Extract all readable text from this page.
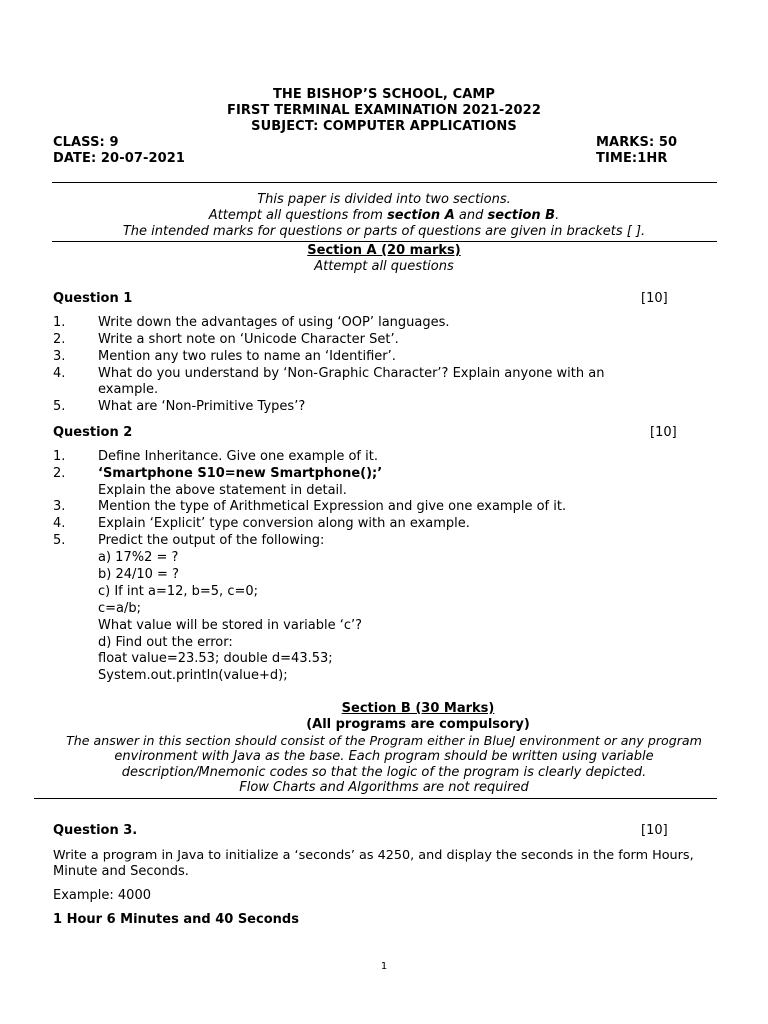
THE BISHOP’S SCHOOL, CAMP
FIRST TERMINAL EXAMINATION 2021-2022
SUBJECT: COMPUTER APPLICATIONS
CLASS: 9	MARKS: 50
DATE: 20-07-2021	TIME:1HR
This paper is divided into two sections.
Attempt all questions from section A and section B.
The intended marks for questions or parts of questions are given in brackets [ ].
Section A (20 marks)
Attempt all questions
Question 1	[10]
1.	Write down the advantages of using ‘OOP’ languages.
2.	Write a short note on ‘Unicode Character Set’.
3.	Mention any two rules to name an ‘Identifier’.
4.	What do you understand by ‘Non-Graphic Character’? Explain anyone with an
example.
5.	What are ‘Non-Primitive Types’?
Question 2	[10]
1.	Define Inheritance. Give one example of it.
2.	‘Smartphone S10=new Smartphone();’
Explain the above statement in detail.
3.	Mention the type of Arithmetical Expression and give one example of it.
4.	Explain ‘Explicit’ type conversion along with an example.
5.	Predict the output of the following:
a) 17%2 = ?
b) 24/10 = ?
c) If int a=12, b=5, c=0;
c=a/b;
What value will be stored in variable ‘c’?
d) Find out the error:
float value=23.53; double d=43.53;
System.out.println(value+d);
Section B (30 Marks)
(All programs are compulsory)
The answer in this section should consist of the Program either in BlueJ environment or any program
environment with Java as the base. Each program should be written using variable
description/Mnemonic codes so that the logic of the program is clearly depicted.
Flow Charts and Algorithms are not required
Question 3.	[10]
Write a program in Java to initialize a ‘seconds’ as 4250, and display the seconds in the form Hours,
Minute and Seconds.
Example: 4000
1 Hour 6 Minutes and 40 Seconds
1
